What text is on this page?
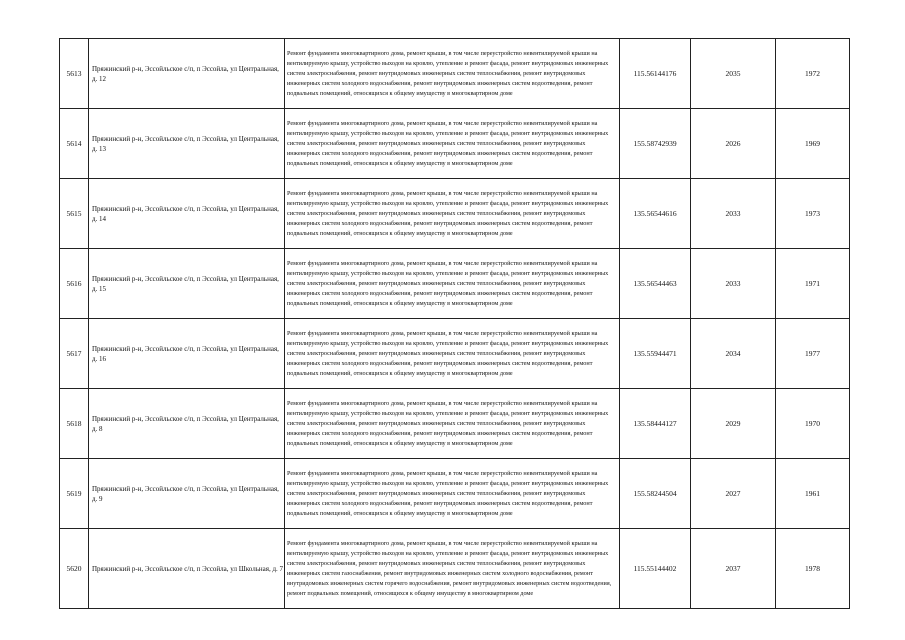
5613	Пряжинский р-н, Эссойльское с/п, п Эссойла, ул Центральная, д. 12	Ремонт фундамента многоквартирного дома, ремонт крыши, в том числе переустройство невентилируемой крыши на вентилируемую крышу, устройство выходов на кровлю, утепление и ремонт фасада, ремонт внутридомовых инженерных систем электроснабжения, ремонт внутридомовых инженерных систем теплоснабжения, ремонт внутридомовых инженерных систем холодного водоснабжения, ремонт внутридомовых инженерных систем водоотведения, ремонт подвальных помещений, относящихся к общему имуществу в многоквартирном доме	115.56144176	2035	1972
5614	Пряжинский р-н, Эссойльское с/п, п Эссойла, ул Центральная, д. 13	Ремонт фундамента многоквартирного дома, ремонт крыши, в том числе переустройство невентилируемой крыши на вентилируемую крышу, устройство выходов на кровлю, утепление и ремонт фасада, ремонт внутридомовых инженерных систем электроснабжения, ремонт внутридомовых инженерных систем теплоснабжения, ремонт внутридомовых инженерных систем холодного водоснабжения, ремонт внутридомовых инженерных систем водоотведения, ремонт подвальных помещений, относящихся к общему имуществу в многоквартирном доме	155.58742939	2026	1969
5615	Пряжинский р-н, Эссойльское с/п, п Эссойла, ул Центральная, д. 14	Ремонт фундамента многоквартирного дома, ремонт крыши, в том числе переустройство невентилируемой крыши на вентилируемую крышу, устройство выходов на кровлю, утепление и ремонт фасада, ремонт внутридомовых инженерных систем электроснабжения, ремонт внутридомовых инженерных систем теплоснабжения, ремонт внутридомовых инженерных систем холодного водоснабжения, ремонт внутридомовых инженерных систем водоотведения, ремонт подвальных помещений, относящихся к общему имуществу в многоквартирном доме	135.56544616	2033	1973
5616	Пряжинский р-н, Эссойльское с/п, п Эссойла, ул Центральная, д. 15	Ремонт фундамента многоквартирного дома, ремонт крыши, в том числе переустройство невентилируемой крыши на вентилируемую крышу, устройство выходов на кровлю, утепление и ремонт фасада, ремонт внутридомовых инженерных систем электроснабжения, ремонт внутридомовых инженерных систем теплоснабжения, ремонт внутридомовых инженерных систем холодного водоснабжения, ремонт внутридомовых инженерных систем водоотведения, ремонт подвальных помещений, относящихся к общему имуществу в многоквартирном доме	135.56544463	2033	1971
5617	Пряжинский р-н, Эссойльское с/п, п Эссойла, ул Центральная, д. 16	Ремонт фундамента многоквартирного дома, ремонт крыши, в том числе переустройство невентилируемой крыши на вентилируемую крышу, устройство выходов на кровлю, утепление и ремонт фасада, ремонт внутридомовых инженерных систем электроснабжения, ремонт внутридомовых инженерных систем теплоснабжения, ремонт внутридомовых инженерных систем холодного водоснабжения, ремонт внутридомовых инженерных систем водоотведения, ремонт подвальных помещений, относящихся к общему имуществу в многоквартирном доме	135.55944471	2034	1977
5618	Пряжинский р-н, Эссойльское с/п, п Эссойла, ул Центральная, д. 8	Ремонт фундамента многоквартирного дома, ремонт крыши, в том числе переустройство невентилируемой крыши на вентилируемую крышу, устройство выходов на кровлю, утепление и ремонт фасада, ремонт внутридомовых инженерных систем электроснабжения, ремонт внутридомовых инженерных систем теплоснабжения, ремонт внутридомовых инженерных систем холодного водоснабжения, ремонт внутридомовых инженерных систем водоотведения, ремонт подвальных помещений, относящихся к общему имуществу в многоквартирном доме	135.58444127	2029	1970
5619	Пряжинский р-н, Эссойльское с/п, п Эссойла, ул Центральная, д. 9	Ремонт фундамента многоквартирного дома, ремонт крыши, в том числе переустройство невентилируемой крыши на вентилируемую крышу, устройство выходов на кровлю, утепление и ремонт фасада, ремонт внутридомовых инженерных систем электроснабжения, ремонт внутридомовых инженерных систем теплоснабжения, ремонт внутридомовых инженерных систем холодного водоснабжения, ремонт внутридомовых инженерных систем водоотведения, ремонт подвальных помещений, относящихся к общему имуществу в многоквартирном доме	155.58244504	2027	1961
5620	Пряжинский р-н, Эссойльское с/п, п Эссойла, ул Школьная, д. 7	Ремонт фундамента многоквартирного дома, ремонт крыши, в том числе переустройство невентилируемой крыши на вентилируемую крышу, устройство выходов на кровлю, утепление и ремонт фасада, ремонт внутридомовых инженерных систем электроснабжения, ремонт внутридомовых инженерных систем теплоснабжения, ремонт внутридомовых инженерных систем газоснабжения, ремонт внутридомовых инженерных систем холодного водоснабжения, ремонт внутридомовых инженерных систем горячего водоснабжения, ремонт внутридомовых инженерных систем водоотведения, ремонт подвальных помещений, относящихся к общему имуществу в многоквартирном доме	115.55144402	2037	1978
